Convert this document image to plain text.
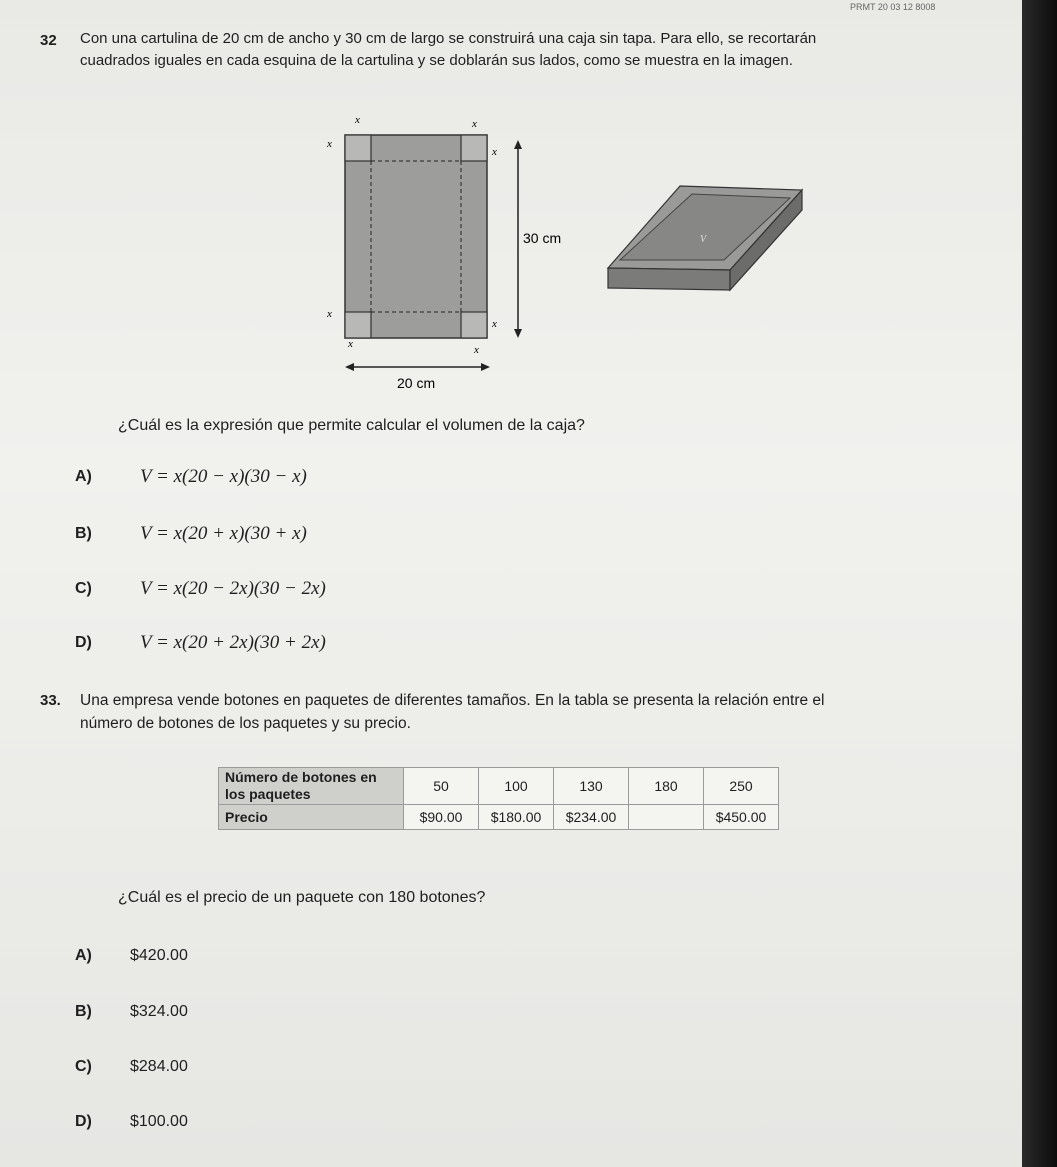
PRMT 20 03 12 8008
32 Con una cartulina de 20 cm de ancho y 30 cm de largo se construirá una caja sin tapa. Para ello, se recortarán
cuadrados iguales en cada esquina de la cartulina y se doblarán sus lados, como se muestra en la imagen.
x	x
x
x
x
x
x	x
30 cm
20 cm
V
¿Cuál es la expresión que permite calcular el volumen de la caja?
A)	V = x(20 − x)(30 − x)
B)	V = x(20 + x)(30 + x)
C)	V = x(20 − 2x)(30 − 2x)
D)	V = x(20 + 2x)(30 + 2x)
33. Una empresa vende botones en paquetes de diferentes tamaños. En la tabla se presenta la relación entre el
número de botones de los paquetes y su precio.
Número de botones en los paquetes	50	100	130	180	250
Precio	$90.00	$180.00	$234.00		$450.00
¿Cuál es el precio de un paquete con 180 botones?
A) $420.00
B) $324.00
C) $284.00
D) $100.00
